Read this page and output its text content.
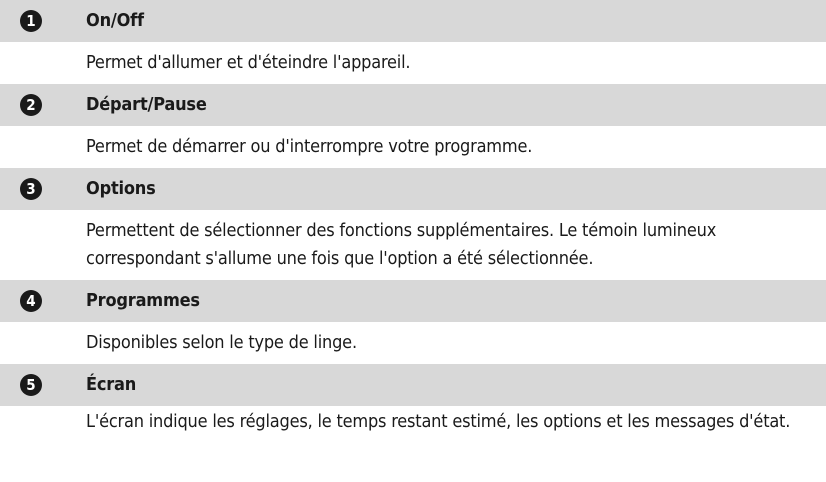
1	On/Off
Permet d'allumer et d'éteindre l'appareil.
2	Départ/Pause
Permet de démarrer ou d'interrompre votre programme.
3	Options
Permettent de sélectionner des fonctions supplémentaires. Le témoin lumineux correspondant s'allume une fois que l'option a été sélectionnée.
4	Programmes
Disponibles selon le type de linge.
5	Écran
L'écran indique les réglages, le temps restant estimé, les options et les messages d'état.
